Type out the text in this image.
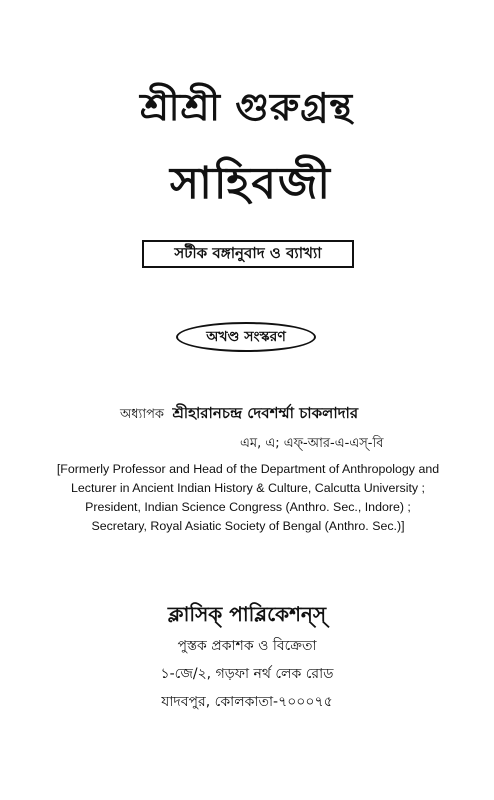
শ্রীশ্রী গুরুগ্রন্থ
সাহিবজী
সটীক বঙ্গানুবাদ ও ব্যাখ্যা
অখণ্ড সংস্করণ
অধ্যাপক শ্রীহারানচন্দ্র দেবশর্ম্মা চাকলাদার
এম, এ; এফ্-আর-এ-এস্-বি
[Formerly Professor and Head of the Department of Anthropology and
Lecturer in Ancient Indian History & Culture, Calcutta University ;
President, Indian Science Congress (Anthro. Sec., Indore) ;
Secretary, Royal Asiatic Society of Bengal (Anthro. Sec.)]
ক্লাসিক্ পাব্লিকেশন্স্
পুস্তক প্রকাশক ও বিক্রেতা
১-জে/২, গড়ফা নর্থ লেক রোড
যাদবপুর, কোলকাতা-৭০০০৭৫
